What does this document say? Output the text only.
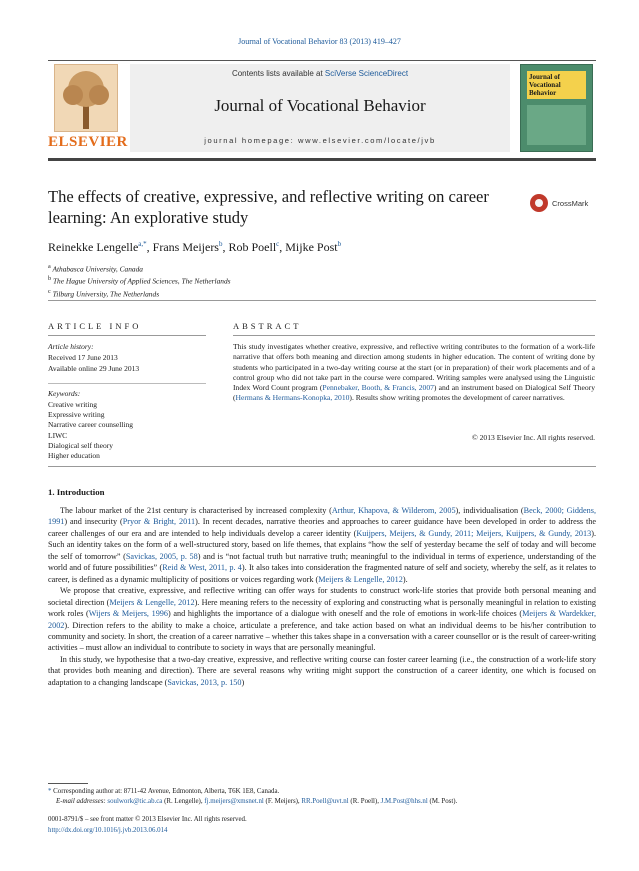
Journal of Vocational Behavior 83 (2013) 419–427
ELSEVIER
Contents lists available at SciVerse ScienceDirect
Journal of Vocational Behavior
journal homepage: www.elsevier.com/locate/jvb
Journal of Vocational Behavior
The effects of creative, expressive, and reflective writing on career learning: An explorative study
CrossMark
Reinekke Lengelle$^{a,*}$, Frans Meijers$^b$, Rob Poell$^c$, Mijke Post$^b$
$^a$ Athabasca University, Canada
$^b$ The Hague University of Applied Sciences, The Netherlands
$^c$ Tilburg University, The Netherlands
ARTICLE INFO
Article history:
Received 17 June 2013
Available online 29 June 2013
Keywords:
Creative writing
Expressive writing
Narrative career counselling
LIWC
Dialogical self theory
Higher education
ABSTRACT
This study investigates whether creative, expressive, and reflective writing contributes to the formation of a work-life narrative that offers both meaning and direction among students in higher education. The content of writing done by students who participated in a two-day writing course at the start (or in preparation) of their work placements and of a control group who did not take part in the course were compared. Writing samples were analysed using the Linguistic Index Word Count program (Pennebaker, Booth, & Francis, 2007) and an instrument based on Dialogical Self Theory (Hermans & Hermans-Konopka, 2010). Results show writing promotes the development of career narratives.
© 2013 Elsevier Inc. All rights reserved.
1. Introduction

The labour market of the 21st century is characterised by increased complexity (Arthur, Khapova, & Wilderom, 2005), individualisation (Beck, 2000; Giddens, 1991) and insecurity (Pryor & Bright, 2011). In recent decades, narrative theories and approaches to career guidance have been developed in order to address the career challenges of our era and are intended to help individuals develop a career identity (Kuijpers, Meijers, & Gundy, 2011; Meijers, Kuijpers, & Gundy, 2013). Such an identity takes on the form of a well-structured story, based on life themes, that explains “how the self of yesterday became the self of today and will become the self of tomorrow” (Savickas, 2005, p. 58) and is “not factual truth but narrative truth; meaningful to the individual in terms of experience, understanding of the world and of future possibilities” (Reid & West, 2011, p. 4). It also takes into consideration the fragmented nature of self and society, whereby the self, as it relates to career, is defined as a dynamic multiplicity of positions or voices regarding work (Meijers & Lengelle, 2012).

We propose that creative, expressive, and reflective writing can offer ways for students to construct work-life stories that provide both personal meaning and societal direction (Meijers & Lengelle, 2012). Here meaning refers to the necessity of exploring and constructing what is personally meaningful in relation to existing work roles (Wijers & Meijers, 1996) and highlights the importance of a dialogue with oneself and the role of emotions in work-life choices (Meijers & Wardekker, 2002). Direction refers to the ability to make a choice, articulate a preference, and take action based on what an individual deems to be his/her contribution to community and society. In short, the creation of a career narrative – whether this takes shape in a conversation with a career counsellor or is the result of career-writing activities – must allow an individual to contribute to society in ways that are personally meaningful.

In this study, we hypothesise that a two-day creative, expressive, and reflective writing course can foster career learning (i.e., the construction of a work-life story that provides both meaning and direction). There are several reasons why writing might support the construction of a career identity, one which is focused on adaptation to a changing landscape (Savickas, 2013, p. 150)

* Corresponding author at: 8711-42 Avenue, Edmonton, Alberta, T6K 1E8, Canada.
E-mail addresses: soulwork@tic.ab.ca (R. Lengelle), fj.meijers@xmsnet.nl (F. Meijers), RR.Poell@uvt.nl (R. Poell), J.M.Post@hhs.nl (M. Post).
0001-8791/$ – see front matter © 2013 Elsevier Inc. All rights reserved.
http://dx.doi.org/10.1016/j.jvb.2013.06.014
